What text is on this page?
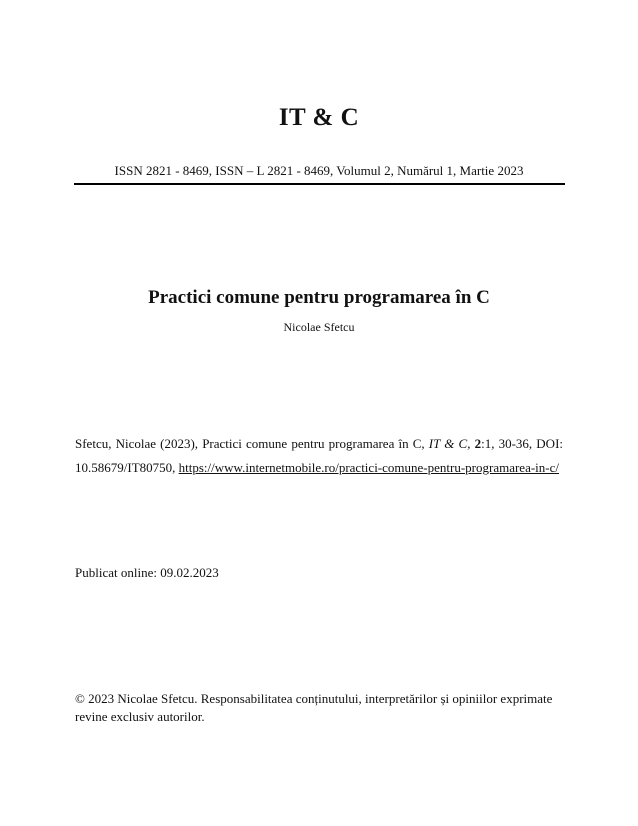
IT & C
ISSN 2821 - 8469, ISSN – L 2821 - 8469, Volumul 2, Numărul 1, Martie 2023
Practici comune pentru programarea în C
Nicolae Sfetcu
Sfetcu, Nicolae (2023), Practici comune pentru programarea în C, IT & C, 2:1, 30-36, DOI: 10.58679/IT80750, https://www.internetmobile.ro/practici-comune-pentru-programarea-in-c/
Publicat online: 09.02.2023
© 2023 Nicolae Sfetcu. Responsabilitatea conținutului, interpretărilor și opiniilor exprimate revine exclusiv autorilor.
